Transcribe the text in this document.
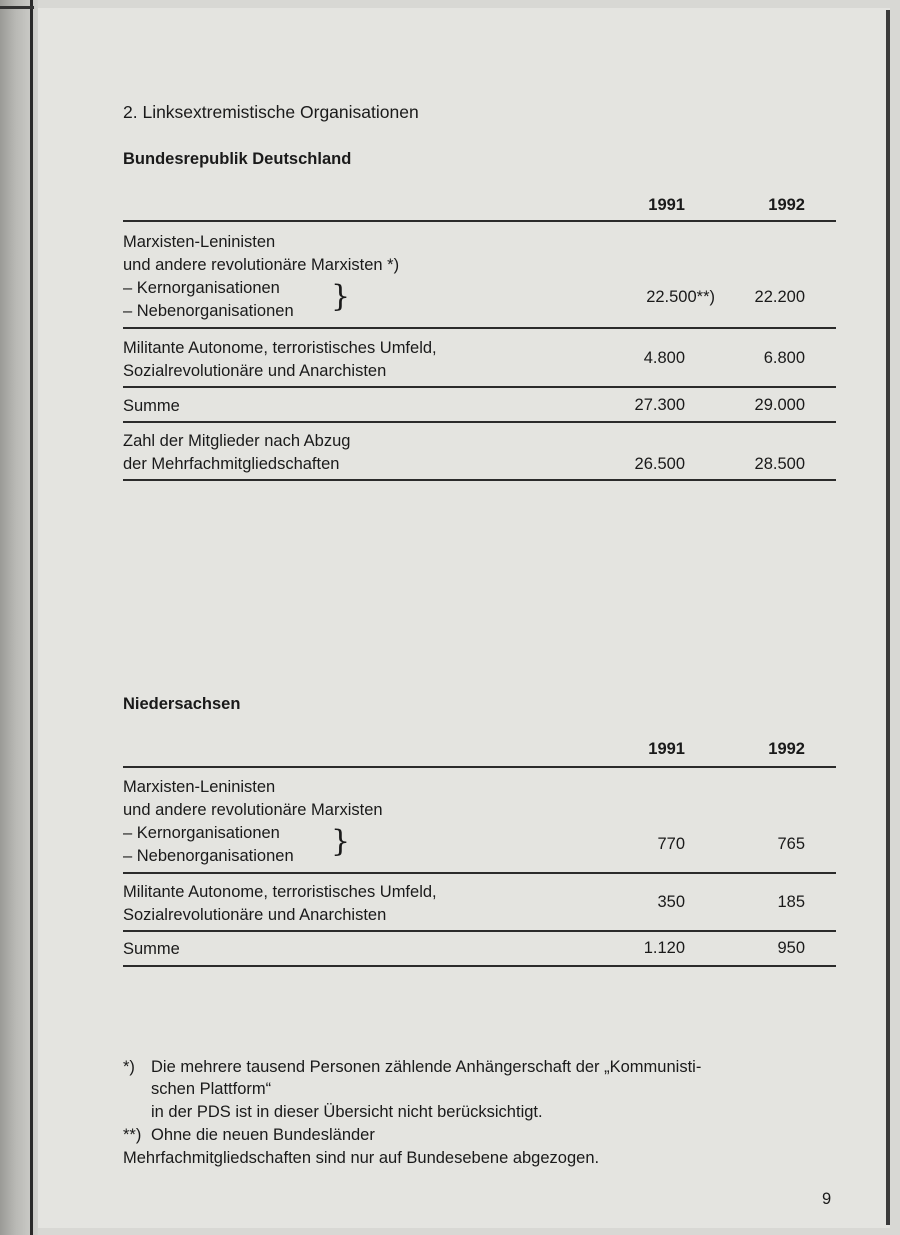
2. Linksextremistische Organisationen
Bundesrepublik Deutschland
1991	1992
Marxisten-Leninisten
und andere revolutionäre Marxisten *)
– Kernorganisationen
– Nebenorganisationen }	22.500**)	22.200
Militante Autonome, terroristisches Umfeld,
Sozialrevolutionäre und Anarchisten
4.800	6.800
Summe	27.300	29.000
Zahl der Mitglieder nach Abzug
der Mehrfachmitgliedschaften	26.500	28.500
Niedersachsen
1991	1992
Marxisten-Leninisten
und andere revolutionäre Marxisten
– Kernorganisationen
– Nebenorganisationen }	770	765
Militante Autonome, terroristisches Umfeld,
Sozialrevolutionäre und Anarchisten
350	185
Summe	1.120	950
*) Die mehrere tausend Personen zählende Anhängerschaft der „Kommunisti-
schen Plattform“
in der PDS ist in dieser Übersicht nicht berücksichtigt.
**) Ohne die neuen Bundesländer
Mehrfachmitgliedschaften sind nur auf Bundesebene abgezogen.
9
